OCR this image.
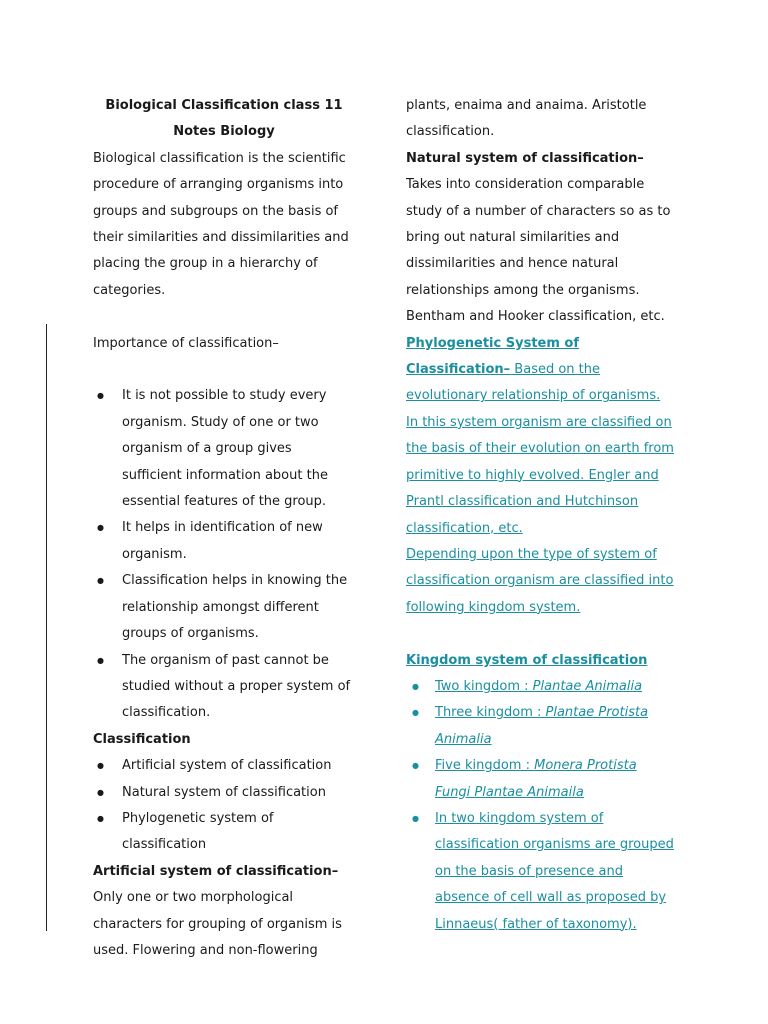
Biological Classification class 11
Notes Biology
Biological classification is the scientific procedure of arranging organisms into groups and subgroups on the basis of their similarities and dissimilarities and placing the group in a hierarchy of categories.
Importance of classification–
● It is not possible to study every organism. Study of one or two organism of a group gives sufficient information about the essential features of the group.
● It helps in identification of new organism.
● Classification helps in knowing the relationship amongst different groups of organisms.
● The organism of past cannot be studied without a proper system of classification.
Classification
● Artificial system of classification
● Natural system of classification
● Phylogenetic system of classification
Artificial system of classification–
Only one or two morphological characters for grouping of organism is used. Flowering and non-flowering
plants, enaima and anaima. Aristotle classification.
Natural system of classification–
Takes into consideration comparable study of a number of characters so as to bring out natural similarities and dissimilarities and hence natural relationships among the organisms. Bentham and Hooker classification, etc.
Phylogenetic System of Classification– Based on the evolutionary relationship of organisms. In this system organism are classified on the basis of their evolution on earth from primitive to highly evolved. Engler and Prantl classification and Hutchinson classification, etc.
Depending upon the type of system of classification organism are classified into following kingdom system.
Kingdom system of classification
● Two kingdom : Plantae Animalia
● Three kingdom : Plantae Protista Animalia
● Five kingdom : Monera Protista Fungi Plantae Animaila
● In two kingdom system of classification organisms are grouped on the basis of presence and absence of cell wall as proposed by Linnaeus( father of taxonomy).
